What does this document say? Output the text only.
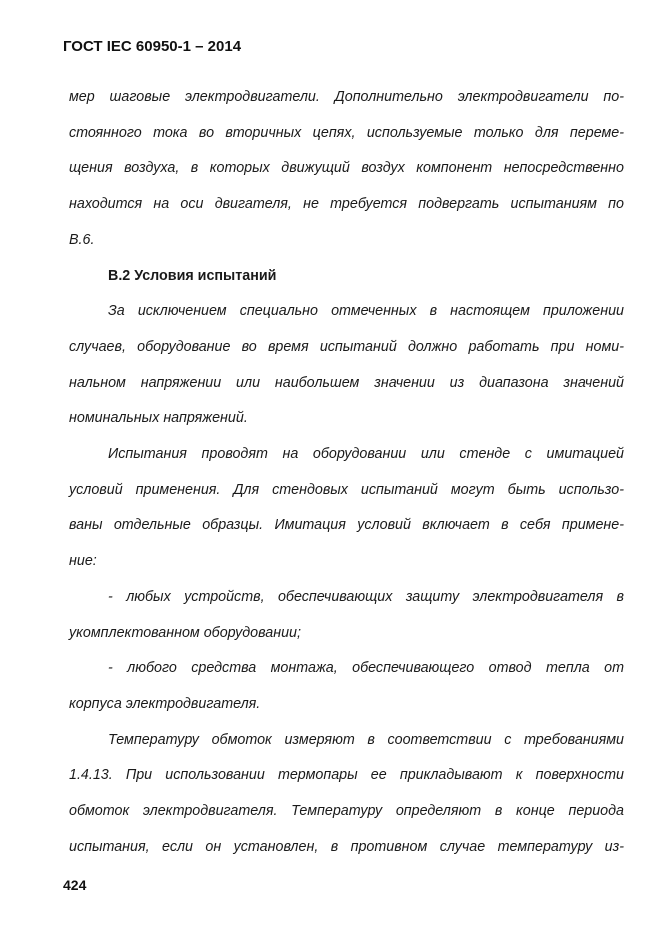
ГОСТ IEC 60950-1 – 2014
мер шаговые электродвигатели. Дополнительно электродвигатели по-
стоянного тока во вторичных цепях, используемые только для переме-
щения воздуха, в которых движущий воздух компонент непосредственно
находится на оси двигателя, не требуется подвергать испытаниям по
В.6.
В.2 Условия испытаний
За исключением специально отмеченных в настоящем приложении
случаев, оборудование во время испытаний должно работать при номи-
нальном напряжении или наибольшем значении из диапазона значений
номинальных напряжений.
Испытания проводят на оборудовании или стенде с имитацией
условий применения. Для стендовых испытаний могут быть использо-
ваны отдельные образцы. Имитация условий включает в себя примене-
ние:
- любых устройств, обеспечивающих защиту электродвигателя в
укомплектованном оборудовании;
- любого средства монтажа, обеспечивающего отвод тепла от
корпуса электродвигателя.
Температуру обмоток измеряют в соответствии с требованиями
1.4.13. При использовании термопары ее прикладывают к поверхности
обмоток электродвигателя. Температуру определяют в конце периода
испытания, если он установлен, в противном случае температуру из-
424
